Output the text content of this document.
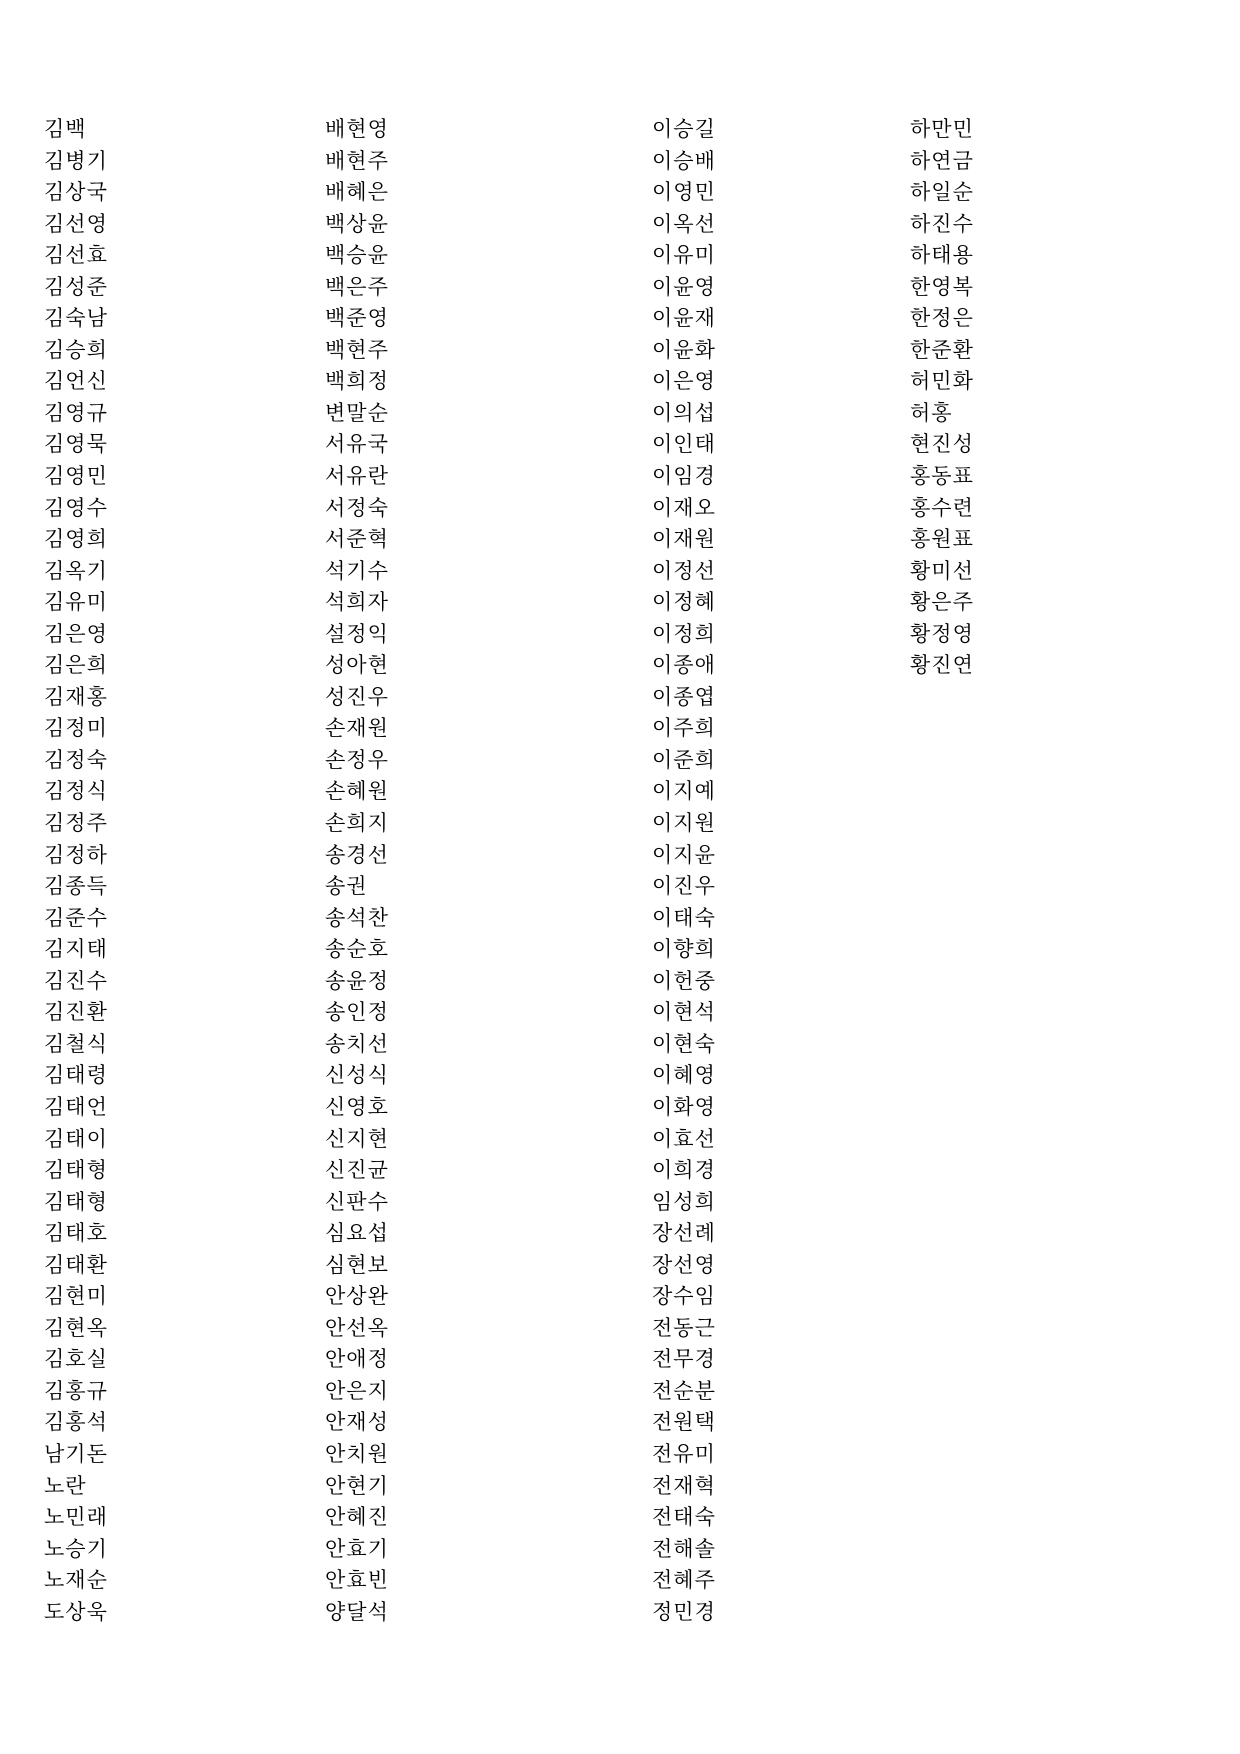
김백
김병기
김상국
김선영
김선효
김성준
김숙남
김승희
김언신
김영규
김영묵
김영민
김영수
김영희
김옥기
김유미
김은영
김은희
김재홍
김정미
김정숙
김정식
김정주
김정하
김종득
김준수
김지태
김진수
김진환
김철식
김태령
김태언
김태이
김태형
김태형
김태호
김태환
김현미
김현옥
김호실
김홍규
김홍석
남기돈
노란
노민래
노승기
노재순
도상욱
배현영
배현주
배혜은
백상윤
백승윤
백은주
백준영
백현주
백희정
변말순
서유국
서유란
서정숙
서준혁
석기수
석희자
설정익
성아현
성진우
손재원
손정우
손혜원
손희지
송경선
송권
송석찬
송순호
송윤정
송인정
송치선
신성식
신영호
신지현
신진균
신판수
심요섭
심현보
안상완
안선옥
안애정
안은지
안재성
안치원
안현기
안혜진
안효기
안효빈
양달석
이승길
이승배
이영민
이옥선
이유미
이윤영
이윤재
이윤화
이은영
이의섭
이인태
이임경
이재오
이재원
이정선
이정혜
이정희
이종애
이종엽
이주희
이준희
이지예
이지원
이지윤
이진우
이태숙
이향희
이헌중
이현석
이현숙
이혜영
이화영
이효선
이희경
임성희
장선례
장선영
장수임
전동근
전무경
전순분
전원택
전유미
전재혁
전태숙
전해솔
전혜주
정민경
하만민
하연금
하일순
하진수
하태용
한영복
한정은
한준환
허민화
허홍
현진성
홍동표
홍수련
홍원표
황미선
황은주
황정영
황진연
